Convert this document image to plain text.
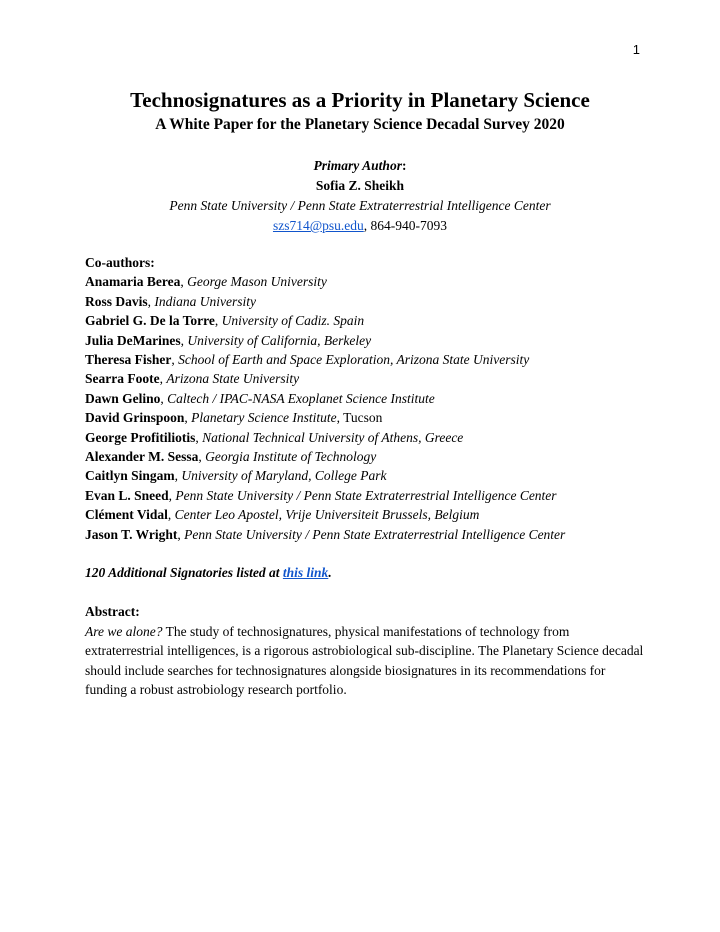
1
Technosignatures as a Priority in Planetary Science
A White Paper for the Planetary Science Decadal Survey 2020
Primary Author:
Sofia Z. Sheikh
Penn State University / Penn State Extraterrestrial Intelligence Center
szs714@psu.edu, 864-940-7093
Co-authors:
Anamaria Berea, George Mason University
Ross Davis, Indiana University
Gabriel G. De la Torre, University of Cadiz. Spain
Julia DeMarines, University of California, Berkeley
Theresa Fisher, School of Earth and Space Exploration, Arizona State University
Searra Foote, Arizona State University
Dawn Gelino, Caltech / IPAC-NASA Exoplanet Science Institute
David Grinspoon, Planetary Science Institute, Tucson
George Profitiliotis, National Technical University of Athens, Greece
Alexander M. Sessa, Georgia Institute of Technology
Caitlyn Singam, University of Maryland, College Park
Evan L. Sneed, Penn State University / Penn State Extraterrestrial Intelligence Center
Clément Vidal, Center Leo Apostel, Vrije Universiteit Brussels, Belgium
Jason T. Wright, Penn State University / Penn State Extraterrestrial Intelligence Center
120 Additional Signatories listed at this link.
Abstract:
Are we alone? The study of technosignatures, physical manifestations of technology from extraterrestrial intelligences, is a rigorous astrobiological sub-discipline. The Planetary Science decadal should include searches for technosignatures alongside biosignatures in its recommendations for funding a robust astrobiology research portfolio.
